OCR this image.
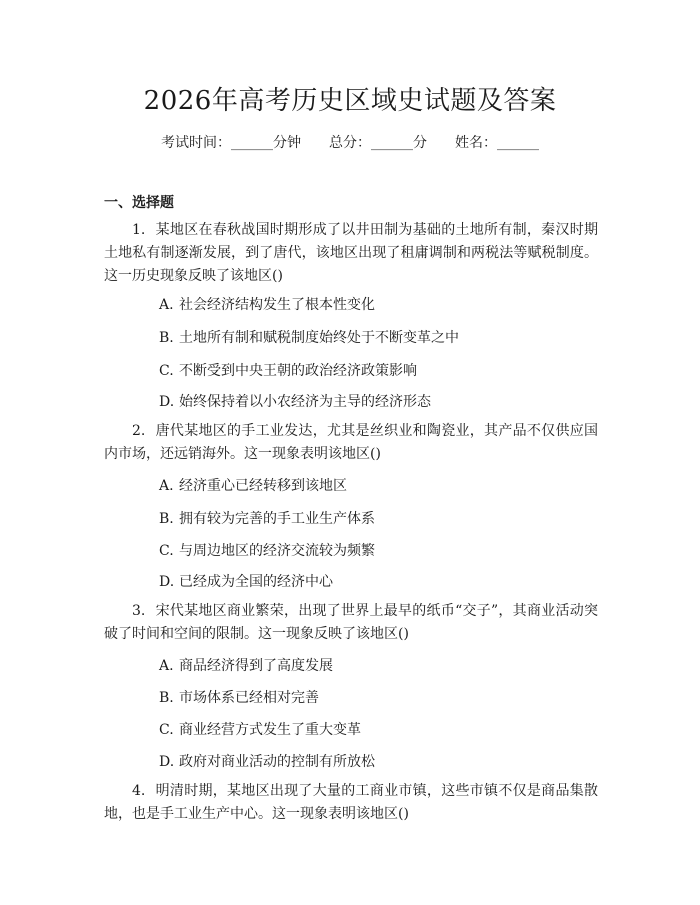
2026年高考历史区域史试题及答案
考试时间：______分钟 总分：______分 姓名：______
一、选择题
1. 某地区在春秋战国时期形成了以井田制为基础的土地所有制，秦汉时期土地私有制逐渐发展，到了唐代，该地区出现了租庸调制和两税法等赋税制度。这一历史现象反映了该地区()
A. 社会经济结构发生了根本性变化
B. 土地所有制和赋税制度始终处于不断变革之中
C. 不断受到中央王朝的政治经济政策影响
D. 始终保持着以小农经济为主导的经济形态
2. 唐代某地区的手工业发达，尤其是丝织业和陶瓷业，其产品不仅供应国内市场，还远销海外。这一现象表明该地区()
A. 经济重心已经转移到该地区
B. 拥有较为完善的手工业生产体系
C. 与周边地区的经济交流较为频繁
D. 已经成为全国的经济中心
3. 宋代某地区商业繁荣，出现了世界上最早的纸币“交子”，其商业活动突破了时间和空间的限制。这一现象反映了该地区()
A. 商品经济得到了高度发展
B. 市场体系已经相对完善
C. 商业经营方式发生了重大变革
D. 政府对商业活动的控制有所放松
4. 明清时期，某地区出现了大量的工商业市镇，这些市镇不仅是商品集散地，也是手工业生产中心。这一现象表明该地区()
